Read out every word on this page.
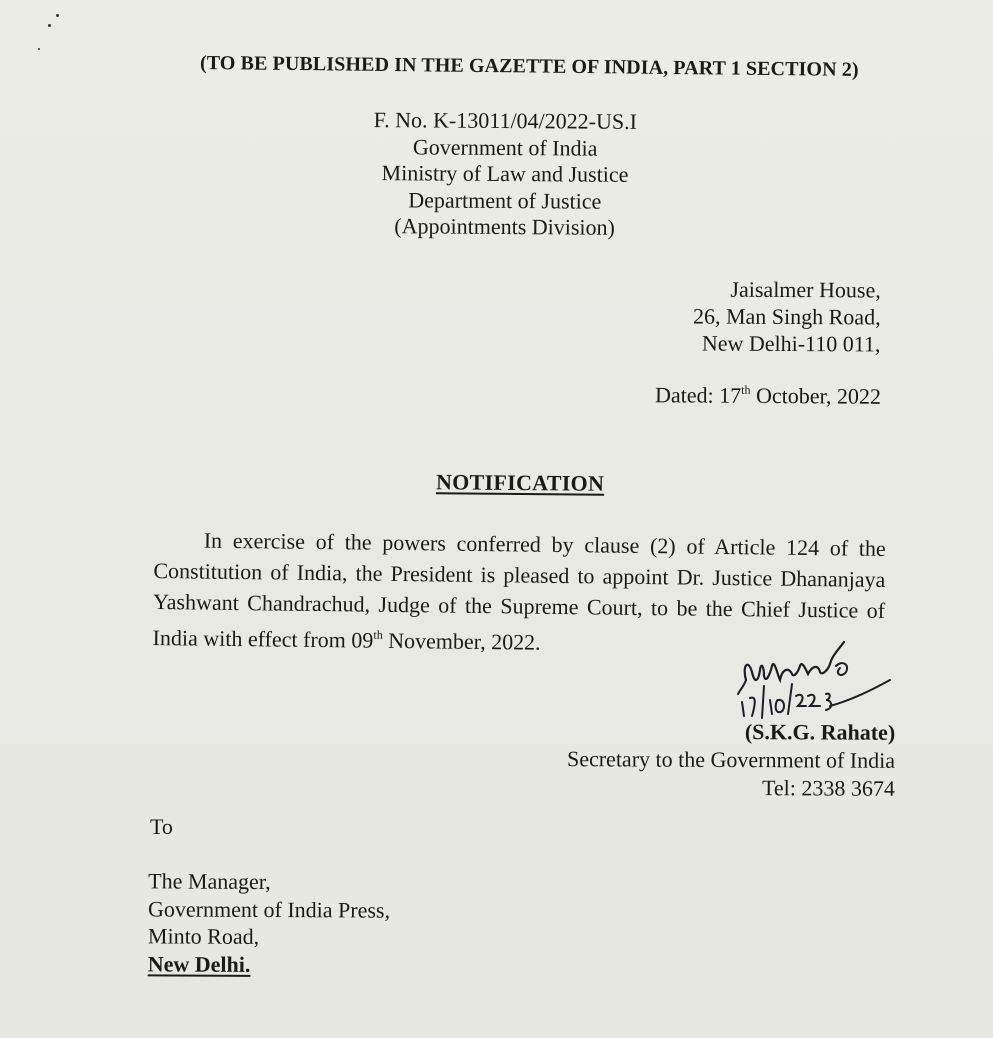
(TO BE PUBLISHED IN THE GAZETTE OF INDIA, PART 1 SECTION 2)
F. No. K-13011/04/2022-US.I
Government of India
Ministry of Law and Justice
Department of Justice
(Appointments Division)
Jaisalmer House,
26, Man Singh Road,
New Delhi-110 011,
Dated: 17th October, 2022
NOTIFICATION
In exercise of the powers conferred by clause (2) of Article 124 of the Constitution of India, the President is pleased to appoint Dr. Justice Dhananjaya Yashwant Chandrachud, Judge of the Supreme Court, to be the Chief Justice of India with effect from 09th November, 2022.
(S.K.G. Rahate)
Secretary to the Government of India
Tel: 2338 3674
To
The Manager,
Government of India Press,
Minto Road,
New Delhi.
